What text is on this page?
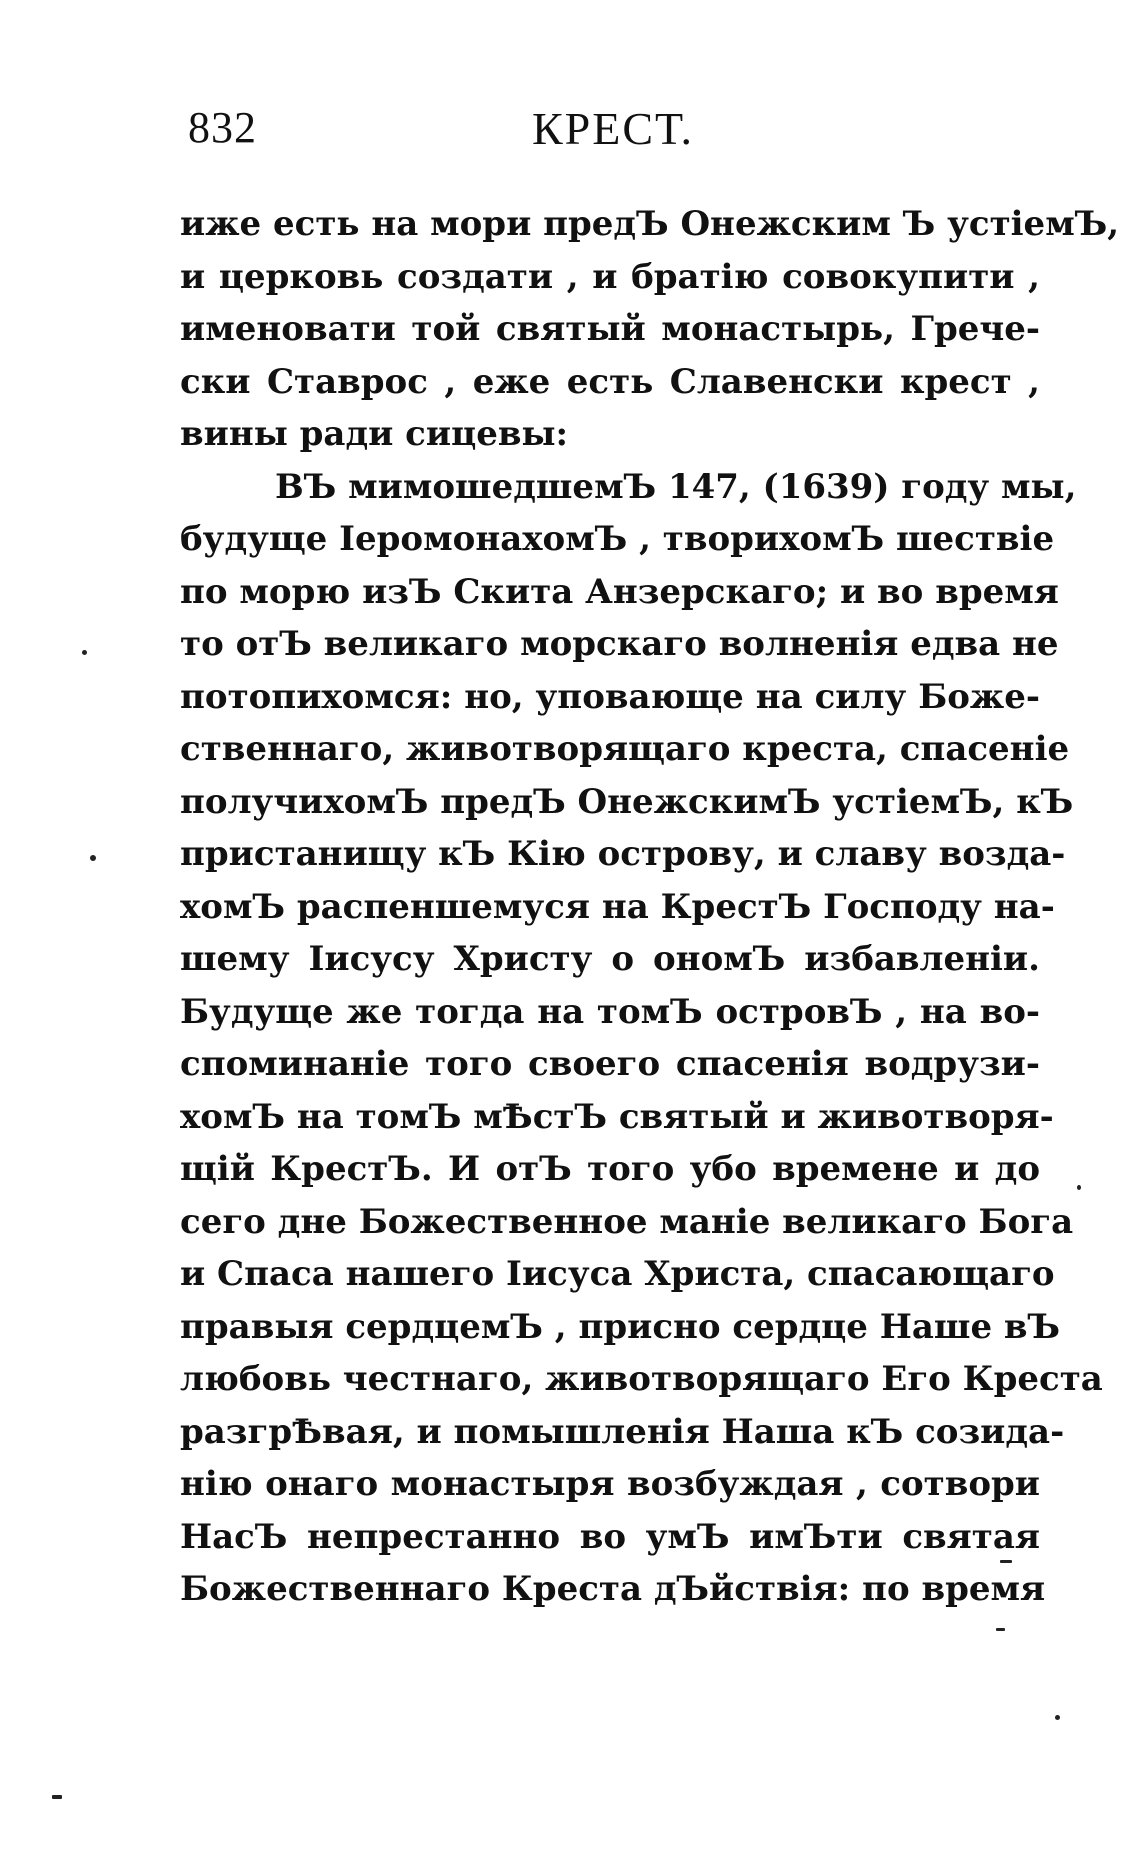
832	КРЕСТ.
иже есть на мори предЪ Онежским Ъ устіемЪ,
и церковь создати , и братію совокупити ,
именовати той святый монастырь, Грече-
ски Ставрос , еже есть Славенски крест ,
вины ради сицевы:
ВЪ мимошедшемЪ 147, (1639) году мы,
будуще ІеромонахомЪ , творихомЪ шествіе
по морю изЪ Скита Анзерскаго; и во время
то отЪ великаго морскаго волненія едва не
потопихомся: но, уповающе на силу Боже-
ственнаго, животворящаго креста, спасеніе
получихомЪ предЪ ОнежскимЪ устіемЪ, кЪ
пристанищу кЪ Кію острову, и славу возда-
хомЪ распеншемуся на КрестЪ Господу на-
шему Іисусу Христу о ономЪ избавленіи.
Будуще же тогда на томЪ островЪ , на во-
споминаніе того своего спасенія водрузи-
хомЪ на томЪ мѢстЪ святый и животворя-
щій КрестЪ. И отЪ того убо времене и до
сего дне Божественное маніе великаго Бога
и Спаса нашего Іисуса Христа, спасающаго
правыя сердцемЪ , присно сердце Наше вЪ
любовь честнаго, животворящаго Его Креста
разгрѢвая, и помышленія Наша кЪ созида-
нію онаго монастыря возбуждая , сотвори
НасЪ непрестанно во умЪ имЪти святая
Божественнаго Креста дЪйствія: по время
